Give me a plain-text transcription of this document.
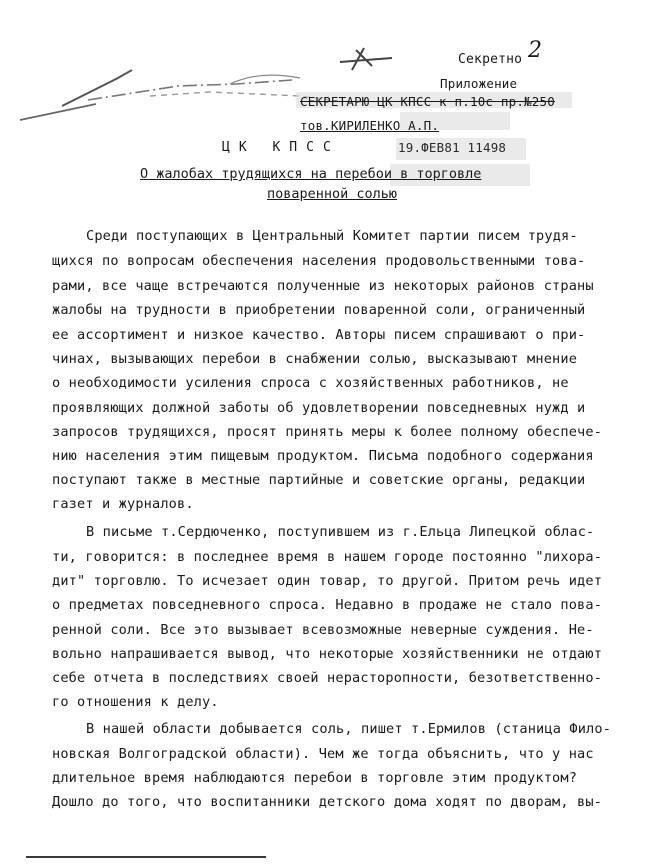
2
Секретно
Приложение
СЕКРЕТАРЮ ЦК КПСС к п.10с пр.№250
тов.КИРИЛЕНКО А.П.
ЦК КПСС	19.ФЕВ81 11498
О жалобах трудящихся на перебои в торговле
поваренной солью
Среди поступающих в Центральный Комитет партии писем трудя-
щихся по вопросам обеспечения населения продовольственными това-
рами, все чаще встречаются полученные из некоторых районов страны
жалобы на трудности в приобретении поваренной соли, ограниченный
ее ассортимент и низкое качество. Авторы писем спрашивают о при-
чинах, вызывающих перебои в снабжении солью, высказывают мнение
о необходимости усиления спроса с хозяйственных работников, не
проявляющих должной заботы об удовлетворении повседневных нужд и
запросов трудящихся, просят принять меры к более полному обеспече-
нию населения этим пищевым продуктом. Письма подобного содержания
поступают также в местные партийные и советские органы, редакции
газет и журналов.
В письме т.Сердюченко, поступившем из г.Ельца Липецкой облас-
ти, говорится: в последнее время в нашем городе постоянно "лихора-
дит" торговлю. То исчезает один товар, то другой. Притом речь идет
о предметах повседневного спроса. Недавно в продаже не стало пова-
ренной соли. Все это вызывает всевозможные неверные суждения. Не-
вольно напрашивается вывод, что некоторые хозяйственники не отдают
себе отчета в последствиях своей нерасторопности, безответственно-
го отношения к делу.
В нашей области добывается соль, пишет т.Ермилов (станица Фило-
новская Волгоградской области). Чем же тогда объяснить, что у нас
длительное время наблюдаются перебои в торговле этим продуктом?
Дошло до того, что воспитанники детского дома ходят по дворам, вы-
